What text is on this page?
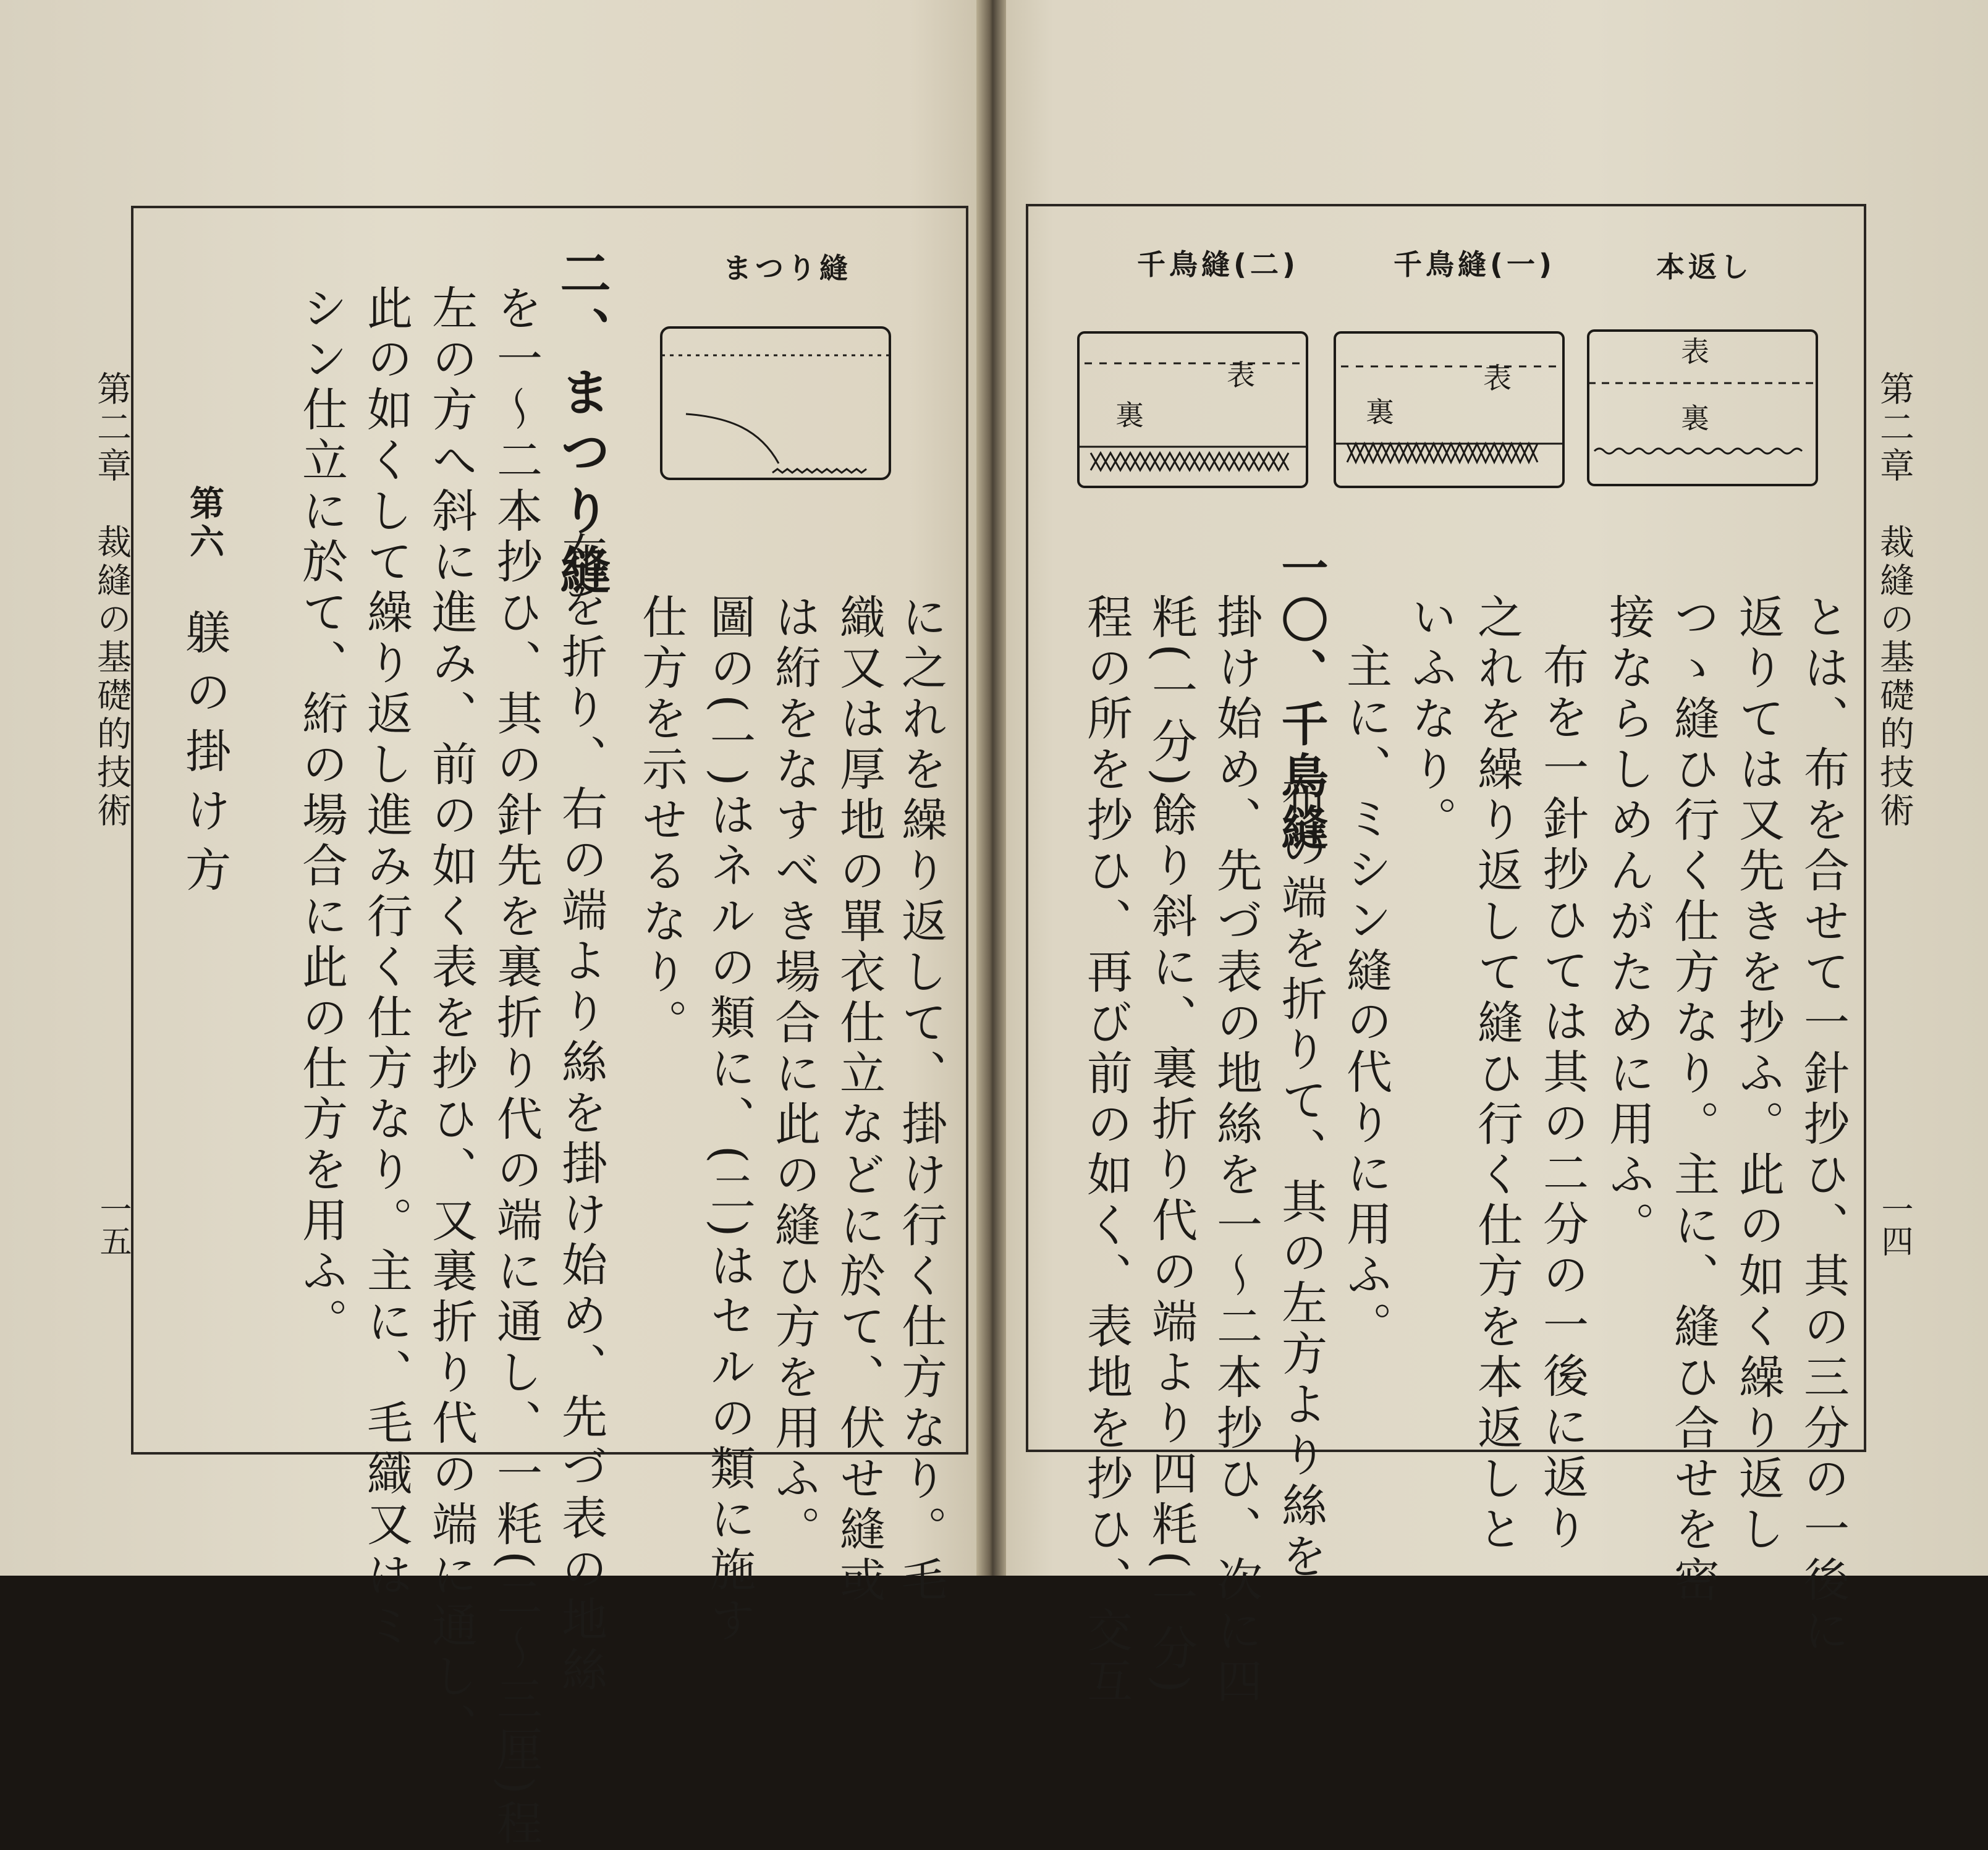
第二章　裁縫の基礎的技術
一五
まつり縫
に之れを繰り返して、掛け行く仕方なり。毛
織又は厚地の單衣仕立などに於て、伏せ縫或
は絎をなすべき場合に此の縫ひ方を用ふ。
圖の(一)はネルの類に、(二)はセルの類に施す
仕方を示せるなり。
二、まつり縫
布を折り、右の端より絲を掛け始め、先づ表の地絲
を一〜二本抄ひ、其の針先を裏折り代の端に通し、一粍(二〜三厘)程
左の方へ斜に進み、前の如く表を抄ひ、又裏折り代の端に通し、
此の如くして繰り返し進み行く仕方なり。主に、毛織又はミ
シン仕立に於て、絎の場合に此の仕方を用ふ。
第六
躾の掛け方	第二章　裁縫の基礎的技術
一四
本返し
千鳥縫(一)
千鳥縫(二)
表
裏
表
裏
表
裏
とは、布を合せて一針抄ひ、其の三分の一後に
返りては又先きを抄ふ。此の如く繰り返し
つゝ縫ひ行く仕方なり。主に、縫ひ合せを密
接ならしめんがために用ふ。
布を一針抄ひては其の二分の一後に返り
之れを繰り返して縫ひ行く仕方を本返しと
いふなり。
主に、ミシン縫の代りに用ふ。
一〇、千鳥縫
布の端を折りて、其の左方より絲を
掛け始め、先づ表の地絲を一〜二本抄ひ、次に四
粍(一分)餘り斜に、裏折り代の端より四粍(一分)
程の所を抄ひ、再び前の如く、表地を抄ひ、交互
